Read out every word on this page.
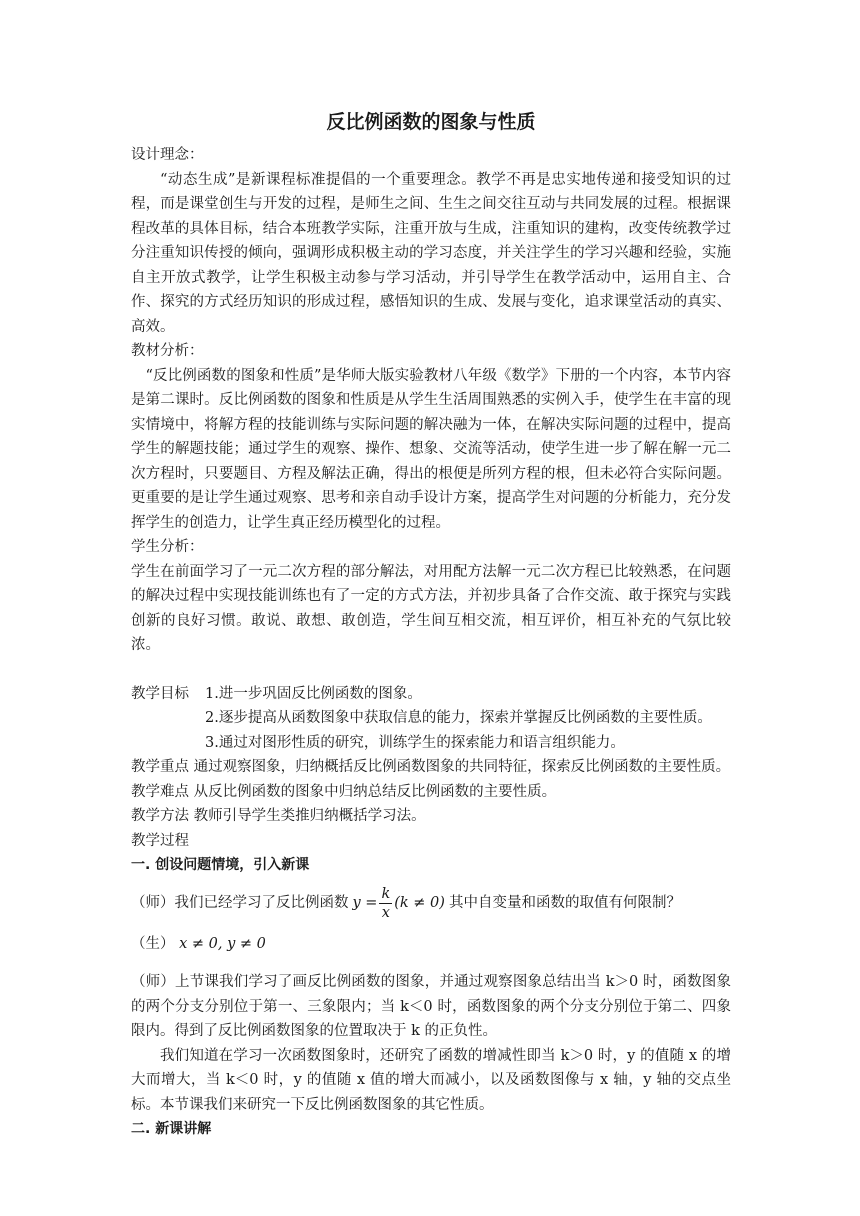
反比例函数的图象与性质

设计理念：

“动态生成”是新课程标准提倡的一个重要理念。教学不再是忠实地传递和接受知识的过程，而是课堂创生与开发的过程，是师生之间、生生之间交往互动与共同发展的过程。根据课程改革的具体目标，结合本班教学实际，注重开放与生成，注重知识的建构，改变传统教学过分注重知识传授的倾向，强调形成积极主动的学习态度，并关注学生的学习兴趣和经验，实施自主开放式教学，让学生积极主动参与学习活动，并引导学生在教学活动中，运用自主、合作、探究的方式经历知识的形成过程，感悟知识的生成、发展与变化，追求课堂活动的真实、高效。

教材分析：

“反比例函数的图象和性质”是华师大版实验教材八年级《数学》下册的一个内容，本节内容是第二课时。反比例函数的图象和性质是从学生生活周围熟悉的实例入手，使学生在丰富的现实情境中，将解方程的技能训练与实际问题的解决融为一体，在解决实际问题的过程中，提高学生的解题技能；通过学生的观察、操作、想象、交流等活动，使学生进一步了解在解一元二次方程时，只要题目、方程及解法正确，得出的根便是所列方程的根，但未必符合实际问题。更重要的是让学生通过观察、思考和亲自动手设计方案，提高学生对问题的分析能力，充分发挥学生的创造力，让学生真正经历模型化的过程。

学生分析：

学生在前面学习了一元二次方程的部分解法，对用配方法解一元二次方程已比较熟悉，在问题的解决过程中实现技能训练也有了一定的方式方法，并初步具备了合作交流、敢于探究与实践创新的良好习惯。敢说、敢想、敢创造，学生间互相交流，相互评价，相互补充的气氛比较浓。

教学目标	1.进一步巩固反比例函数的图象。

2.逐步提高从函数图象中获取信息的能力，探索并掌握反比例函数的主要性质。

3.通过对图形性质的研究，训练学生的探索能力和语言组织能力。

教学重点 通过观察图象，归纳概括反比例函数图象的共同特征，探索反比例函数的主要性质。

教学难点 从反比例函数的图象中归纳总结反比例函数的主要性质。

教学方法 教师引导学生类推归纳概括学习法。

教学过程

一. 创设问题情境，引入新课

（师）我们已经学习了反比例函数 $y = \frac{k}{x} (k \ne 0)$ 其中自变量和函数的取值有何限制？

（生） x ≠ 0, y ≠ 0

（师）上节课我们学习了画反比例函数的图象，并通过观察图象总结出当 k＞0 时，函数图象的两个分支分别位于第一、三象限内；当 k＜0 时，函数图象的两个分支分别位于第二、四象限内。得到了反比例函数图象的位置取决于 k 的正负性。

我们知道在学习一次函数图象时，还研究了函数的增减性即当 k＞0 时，y 的值随 x 的增大而增大，当 k＜0 时，y 的值随 x 值的增大而减小，以及函数图像与 x 轴，y 轴的交点坐标。本节课我们来研究一下反比例函数图象的其它性质。

二. 新课讲解
